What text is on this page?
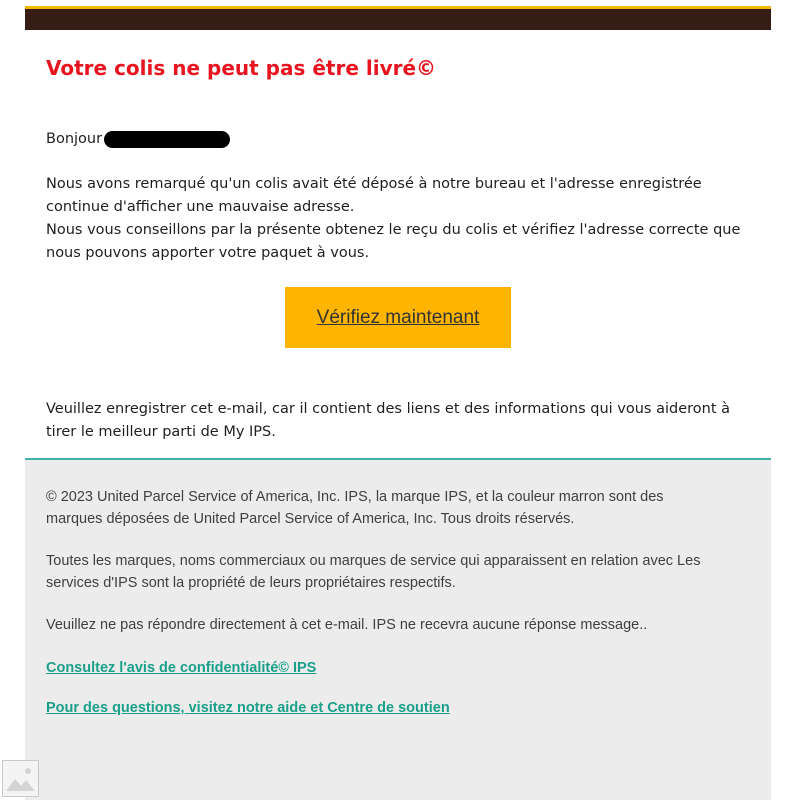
Votre colis ne peut pas être livré©
Bonjour

Nous avons remarqué qu'un colis avait été déposé à notre bureau et l'adresse enregistrée

continue d'afficher une mauvaise adresse.

Nous vous conseillons par la présente obtenez le reçu du colis et vérifiez l'adresse correcte que

nous pouvons apporter votre paquet à vous.

Vérifiez maintenant

Veuillez enregistrer cet e-mail, car il contient des liens et des informations qui vous aideront à

tirer le meilleur parti de My IPS.

© 2023 United Parcel Service of America, Inc. IPS, la marque IPS, et la couleur marron sont des

marques déposées de United Parcel Service of America, Inc. Tous droits réservés.

Toutes les marques, noms commerciaux ou marques de service qui apparaissent en relation avec Les

services d'IPS sont la propriété de leurs propriétaires respectifs.

Veuillez ne pas répondre directement à cet e-mail. IPS ne recevra aucune réponse message..

Consultez l'avis de confidentialité© IPS
Pour des questions, visitez notre aide et Centre de soutien
